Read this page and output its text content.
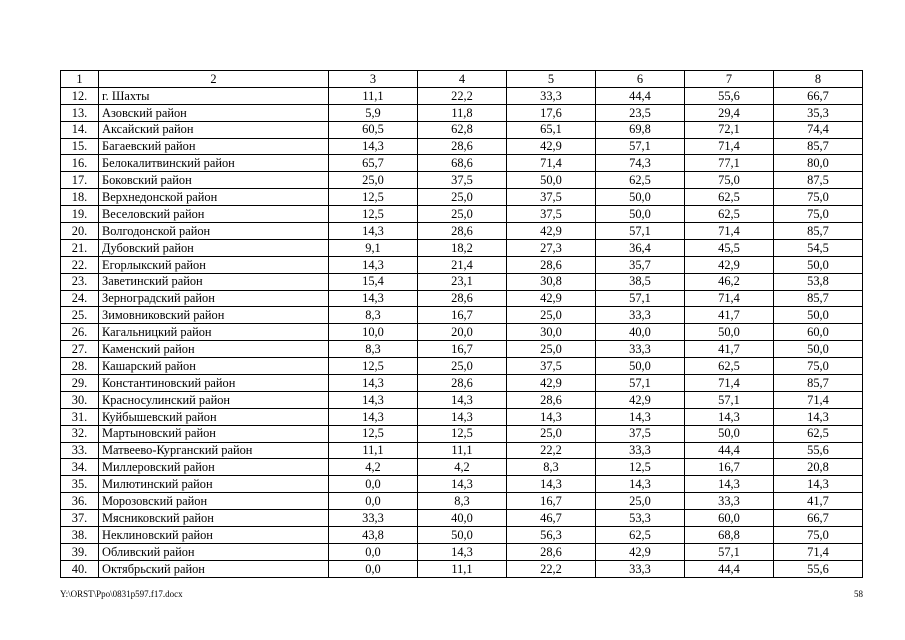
1	2	3	4	5	6	7	8
12.	г. Шахты	11,1	22,2	33,3	44,4	55,6	66,7
13.	Азовский район	5,9	11,8	17,6	23,5	29,4	35,3
14.	Аксайский район	60,5	62,8	65,1	69,8	72,1	74,4
15.	Багаевский район	14,3	28,6	42,9	57,1	71,4	85,7
16.	Белокалитвинский район	65,7	68,6	71,4	74,3	77,1	80,0
17.	Боковский район	25,0	37,5	50,0	62,5	75,0	87,5
18.	Верхнедонской район	12,5	25,0	37,5	50,0	62,5	75,0
19.	Веселовский район	12,5	25,0	37,5	50,0	62,5	75,0
20.	Волгодонской район	14,3	28,6	42,9	57,1	71,4	85,7
21.	Дубовский район	9,1	18,2	27,3	36,4	45,5	54,5
22.	Егорлыкский район	14,3	21,4	28,6	35,7	42,9	50,0
23.	Заветинский район	15,4	23,1	30,8	38,5	46,2	53,8
24.	Зерноградский район	14,3	28,6	42,9	57,1	71,4	85,7
25.	Зимовниковский район	8,3	16,7	25,0	33,3	41,7	50,0
26.	Кагальницкий район	10,0	20,0	30,0	40,0	50,0	60,0
27.	Каменский район	8,3	16,7	25,0	33,3	41,7	50,0
28.	Кашарский район	12,5	25,0	37,5	50,0	62,5	75,0
29.	Константиновский район	14,3	28,6	42,9	57,1	71,4	85,7
30.	Красносулинский район	14,3	14,3	28,6	42,9	57,1	71,4
31.	Куйбышевский район	14,3	14,3	14,3	14,3	14,3	14,3
32.	Мартыновский район	12,5	12,5	25,0	37,5	50,0	62,5
33.	Матвеево-Курганский район	11,1	11,1	22,2	33,3	44,4	55,6
34.	Миллеровский район	4,2	4,2	8,3	12,5	16,7	20,8
35.	Милютинский район	0,0	14,3	14,3	14,3	14,3	14,3
36.	Морозовский район	0,0	8,3	16,7	25,0	33,3	41,7
37.	Мясниковский район	33,3	40,0	46,7	53,3	60,0	66,7
38.	Неклиновский район	43,8	50,0	56,3	62,5	68,8	75,0
39.	Обливский район	0,0	14,3	28,6	42,9	57,1	71,4
40.	Октябрьский район	0,0	11,1	22,2	33,3	44,4	55,6
Y:\ORST\Ppo\0831p597.f17.docx	58
